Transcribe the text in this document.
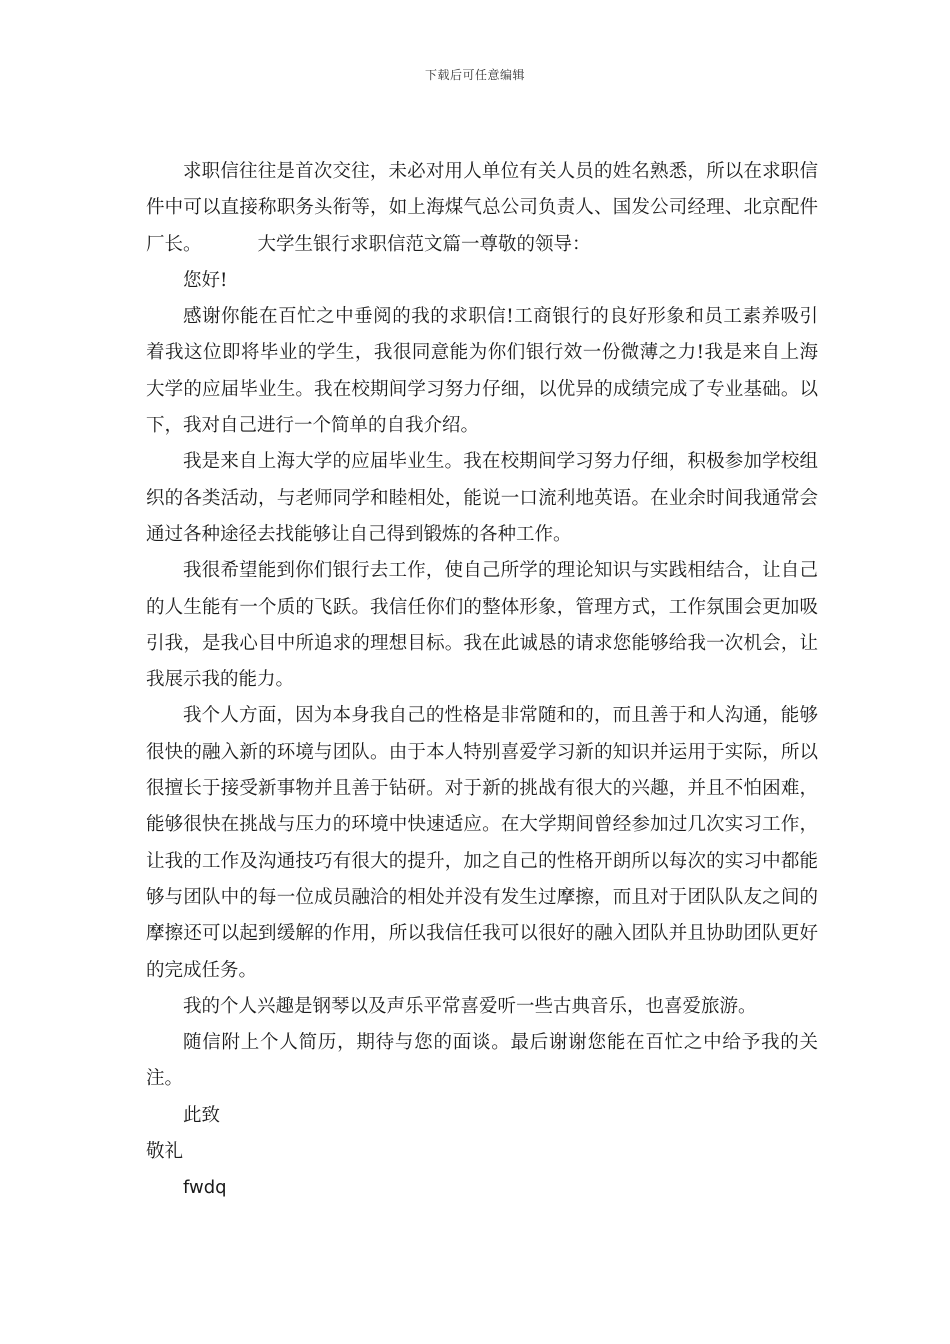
下载后可任意编辑

求职信往往是首次交往，未必对用人单位有关人员的姓名熟悉，所以在求职信件中可以直接称职务头衔等，如上海煤气总公司负责人、国发公司经理、北京配件厂长。	大学生银行求职信范文篇一尊敬的领导：

您好!

感谢你能在百忙之中垂阅的我的求职信!工商银行的良好形象和员工素养吸引着我这位即将毕业的学生，我很同意能为你们银行效一份微薄之力!我是来自上海大学的应届毕业生。我在校期间学习努力仔细，以优异的成绩完成了专业基础。以下，我对自己进行一个简单的自我介绍。

我是来自上海大学的应届毕业生。我在校期间学习努力仔细，积极参加学校组织的各类活动，与老师同学和睦相处，能说一口流利地英语。在业余时间我通常会通过各种途径去找能够让自己得到锻炼的各种工作。

我很希望能到你们银行去工作，使自己所学的理论知识与实践相结合，让自己的人生能有一个质的飞跃。我信任你们的整体形象，管理方式，工作氛围会更加吸引我，是我心目中所追求的理想目标。我在此诚恳的请求您能够给我一次机会，让我展示我的能力。

我个人方面，因为本身我自己的性格是非常随和的，而且善于和人沟通，能够很快的融入新的环境与团队。由于本人特别喜爱学习新的知识并运用于实际，所以很擅长于接受新事物并且善于钻研。对于新的挑战有很大的兴趣，并且不怕困难，能够很快在挑战与压力的环境中快速适应。在大学期间曾经参加过几次实习工作，让我的工作及沟通技巧有很大的提升，加之自己的性格开朗所以每次的实习中都能够与团队中的每一位成员融洽的相处并没有发生过摩擦，而且对于团队队友之间的摩擦还可以起到缓解的作用，所以我信任我可以很好的融入团队并且协助团队更好的完成任务。

我的个人兴趣是钢琴以及声乐平常喜爱听一些古典音乐，也喜爱旅游。

随信附上个人简历，期待与您的面谈。最后谢谢您能在百忙之中给予我的关注。

此致

敬礼

fwdq
